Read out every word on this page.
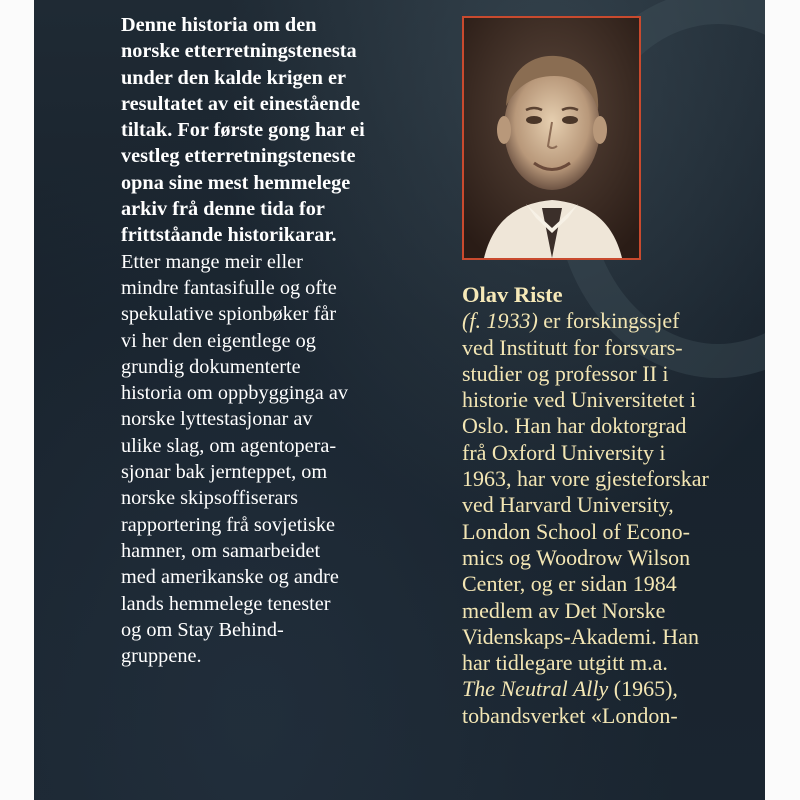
Denne historia om den
norske etterretningstenesta
under den kalde krigen er
resultatet av eit einestående
tiltak. For første gong har ei
vestleg etterretningsteneste
opna sine mest hemmelege
arkiv frå denne tida for
frittståande historikarar.
Etter mange meir eller
mindre fantasifulle og ofte
spekulative spionbøker får
vi her den eigentlege og
grundig dokumenterte
historia om oppbygginga av
norske lyttestasjonar av
ulike slag, om agentopera-
sjonar bak jernteppet, om
norske skipsoffiserars
rapportering frå sovjetiske
hamner, om samarbeidet
med amerikanske og andre
lands hemmelege tenester
og om Stay Behind-
gruppene.
Olav Riste
(f. 1933) er forskingssjef
ved Institutt for forsvars-
studier og professor II i
historie ved Universitetet i
Oslo. Han har doktorgrad
frå Oxford University i
1963, har vore gjesteforskar
ved Harvard University,
London School of Econo-
mics og Woodrow Wilson
Center, og er sidan 1984
medlem av Det Norske
Videnskaps-Akademi. Han
har tidlegare utgitt m.a.
The Neutral Ally (1965),
tobandsverket «London-
